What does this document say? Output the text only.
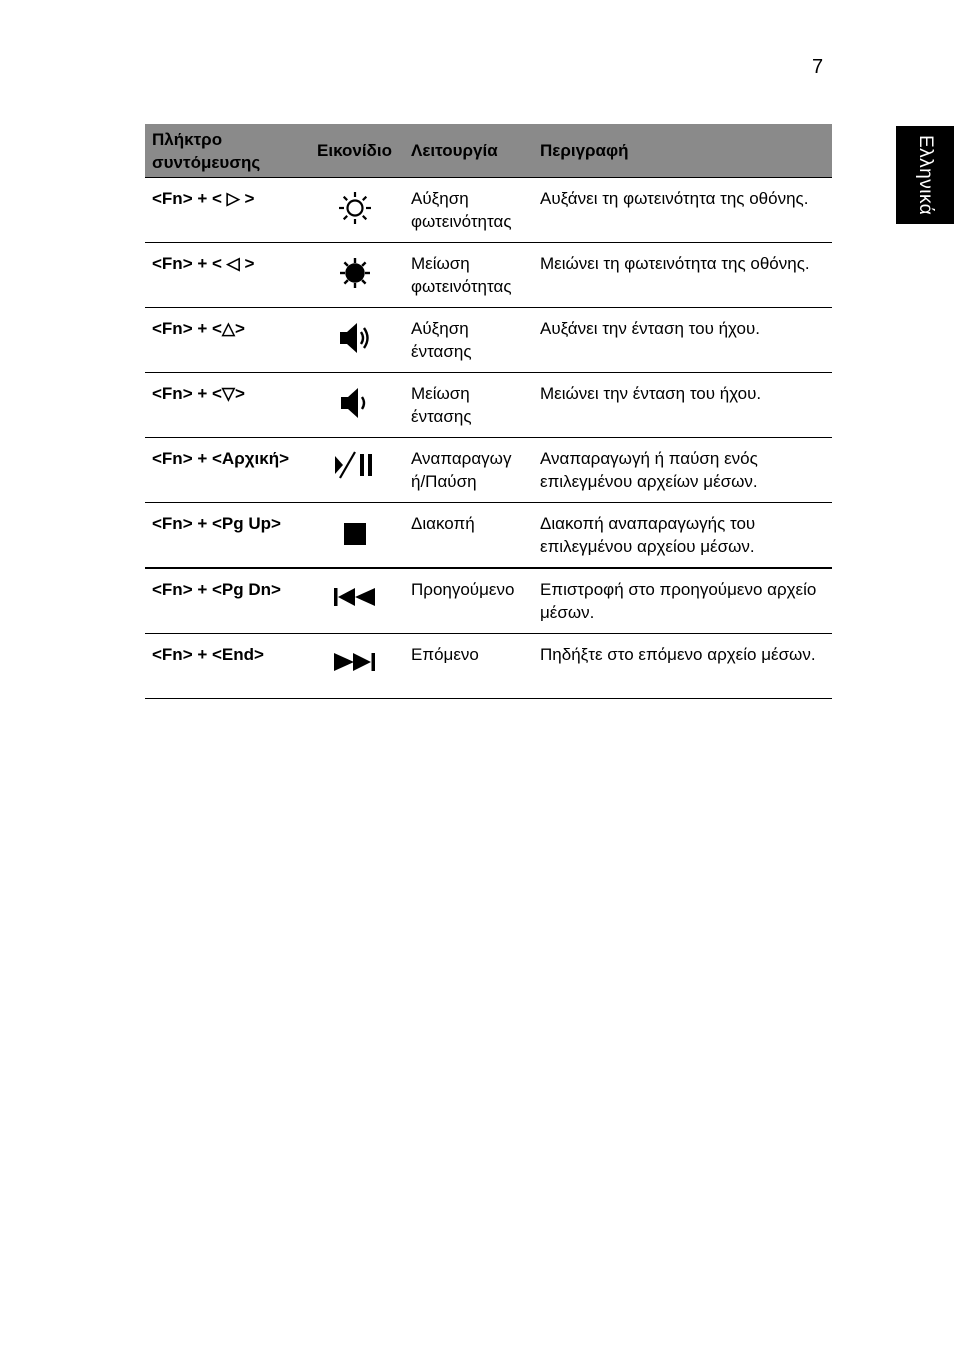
7
Ελληνικά
Πλήκτρο συντόμευσης	Εικονίδιο	Λειτουργία	Περιγραφή
<Fn> + < ▷ >		Αύξηση φωτεινότητας	Αυξάνει τη φωτεινότητα της οθόνης.
<Fn> + < ◁ >		Μείωση φωτεινότητας	Μειώνει τη φωτεινότητα της οθόνης.
<Fn> + <△>		Αύξηση έντασης	Αυξάνει την ένταση του ήχου.
<Fn> + <▽>		Μείωση έντασης	Μειώνει την ένταση του ήχου.
<Fn> + <Αρχική>		Αναπαραγωγ ή/Παύση	Αναπαραγωγή ή παύση ενός επιλεγμένου αρχείων μέσων.
<Fn> + <Pg Up>		Διακοπή	Διακοπή αναπαραγωγής του επιλεγμένου αρχείου μέσων.
<Fn> + <Pg Dn>		Προηγούμενο	Επιστροφή στο προηγούμενο αρχείο μέσων.
<Fn> + <End>		Επόμενο	Πηδήξτε στο επόμενο αρχείο μέσων.
